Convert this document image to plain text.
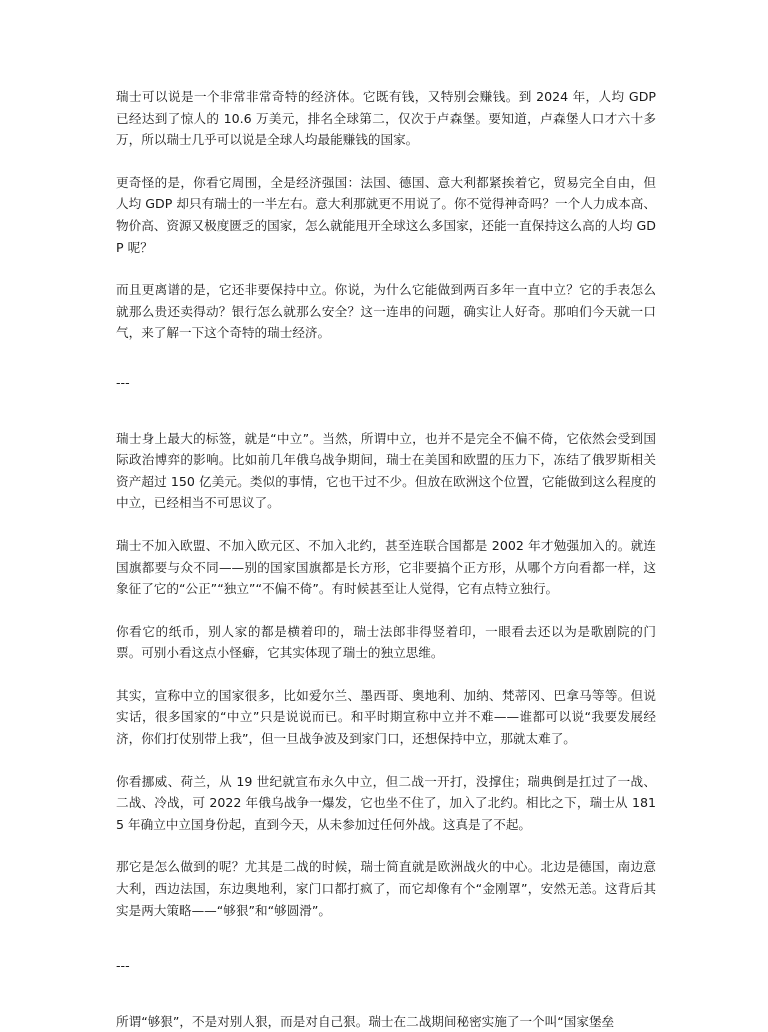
瑞士可以说是一个非常非常奇特的经济体。它既有钱，又特别会赚钱。到 2024 年，人均 GDP 已经达到了惊人的 10.6 万美元，排名全球第二，仅次于卢森堡。要知道，卢森堡人口才六十多万，所以瑞士几乎可以说是全球人均最能赚钱的国家。

更奇怪的是，你看它周围，全是经济强国：法国、德国、意大利都紧挨着它，贸易完全自由，但人均 GDP 却只有瑞士的一半左右。意大利那就更不用说了。你不觉得神奇吗？一个人力成本高、物价高、资源又极度匮乏的国家，怎么就能甩开全球这么多国家，还能一直保持这么高的人均 GDP 呢？

而且更离谱的是，它还非要保持中立。你说，为什么它能做到两百多年一直中立？它的手表怎么就那么贵还卖得动？银行怎么就那么安全？这一连串的问题，确实让人好奇。那咱们今天就一口气，来了解一下这个奇特的瑞士经济。

---

瑞士身上最大的标签，就是“中立”。当然，所谓中立，也并不是完全不偏不倚，它依然会受到国际政治博弈的影响。比如前几年俄乌战争期间，瑞士在美国和欧盟的压力下，冻结了俄罗斯相关资产超过 150 亿美元。类似的事情，它也干过不少。但放在欧洲这个位置，它能做到这么程度的中立，已经相当不可思议了。

瑞士不加入欧盟、不加入欧元区、不加入北约，甚至连联合国都是 2002 年才勉强加入的。就连国旗都要与众不同——别的国家国旗都是长方形，它非要搞个正方形，从哪个方向看都一样，这象征了它的“公正”“独立”“不偏不倚”。有时候甚至让人觉得，它有点特立独行。

你看它的纸币，别人家的都是横着印的，瑞士法郎非得竖着印，一眼看去还以为是歌剧院的门票。可别小看这点小怪癖，它其实体现了瑞士的独立思维。

其实，宣称中立的国家很多，比如爱尔兰、墨西哥、奥地利、加纳、梵蒂冈、巴拿马等等。但说实话，很多国家的“中立”只是说说而已。和平时期宣称中立并不难——谁都可以说“我要发展经济，你们打仗别带上我”，但一旦战争波及到家门口，还想保持中立，那就太难了。

你看挪威、荷兰，从 19 世纪就宣布永久中立，但二战一开打，没撑住；瑞典倒是扛过了一战、二战、冷战，可 2022 年俄乌战争一爆发，它也坐不住了，加入了北约。相比之下，瑞士从 1815 年确立中立国身份起，直到今天，从未参加过任何外战。这真是了不起。

那它是怎么做到的呢？尤其是二战的时候，瑞士简直就是欧洲战火的中心。北边是德国，南边意大利，西边法国，东边奥地利，家门口都打疯了，而它却像有个“金刚罩”，安然无恙。这背后其实是两大策略——“够狠”和“够圆滑”。

---

所谓“够狠”，不是对别人狠，而是对自己狠。瑞士在二战期间秘密实施了一个叫“国家堡垒
